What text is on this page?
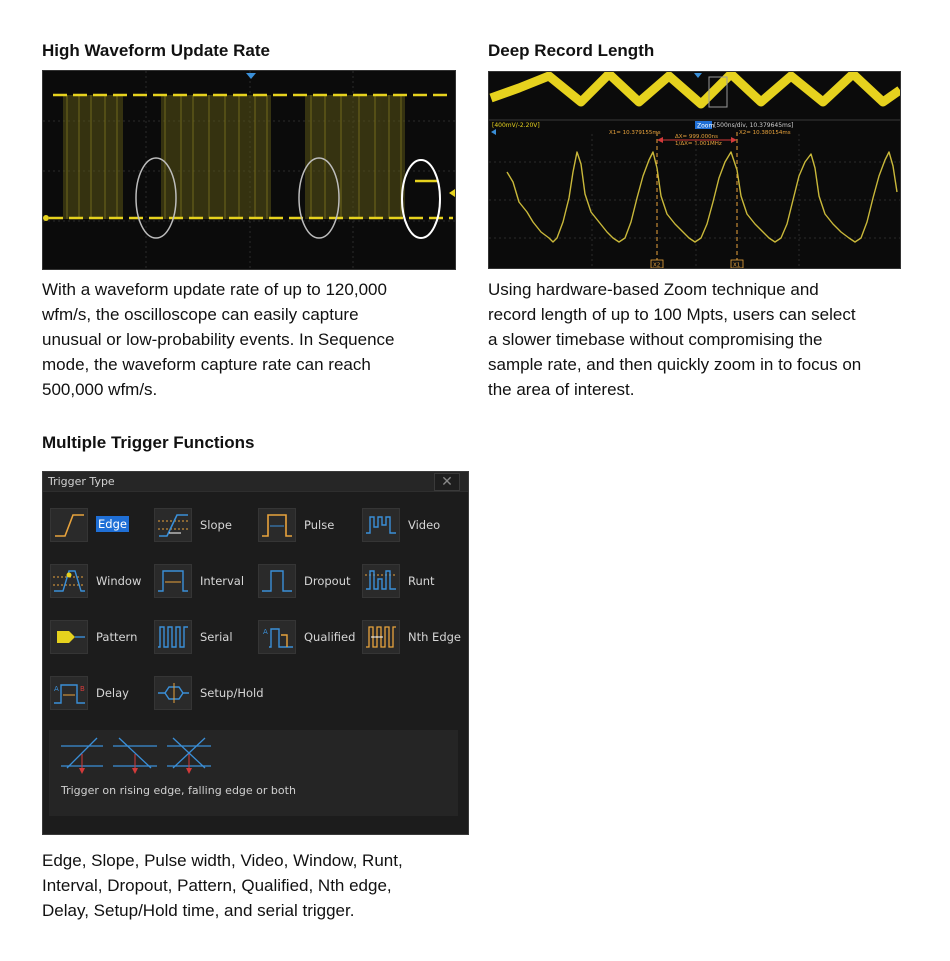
High Waveform Update Rate
With a waveform update rate of up to 120,000
wfm/s, the oscilloscope can easily capture
unusual or low-probability events. In Sequence
mode, the waveform capture rate can reach
500,000 wfm/s.
Deep Record Length
[400mV/-2.20V]	Zoom [500ns/div, 10.379645ms]
X1= 10.379155ms
ΔX= 999.000ns
1/ΔX= 1.001MHz
X2= 10.380154ms
X2	X1
Using hardware-based Zoom technique and
record length of up to 100 Mpts, users can select
a slower timebase without compromising the
sample rate, and then quickly zoom in to focus on
the area of interest.
Multiple Trigger Functions
Trigger Type	✕
Edge	Slope	Pulse	Video
Window	Interval	Dropout	Runt
Pattern	Serial	A	Qualified	Nth Edge
A	B Delay	Setup/Hold
Trigger on rising edge, falling edge or both
Edge, Slope, Pulse width, Video, Window, Runt,
Interval, Dropout, Pattern, Qualified, Nth edge,
Delay, Setup/Hold time, and serial trigger.
